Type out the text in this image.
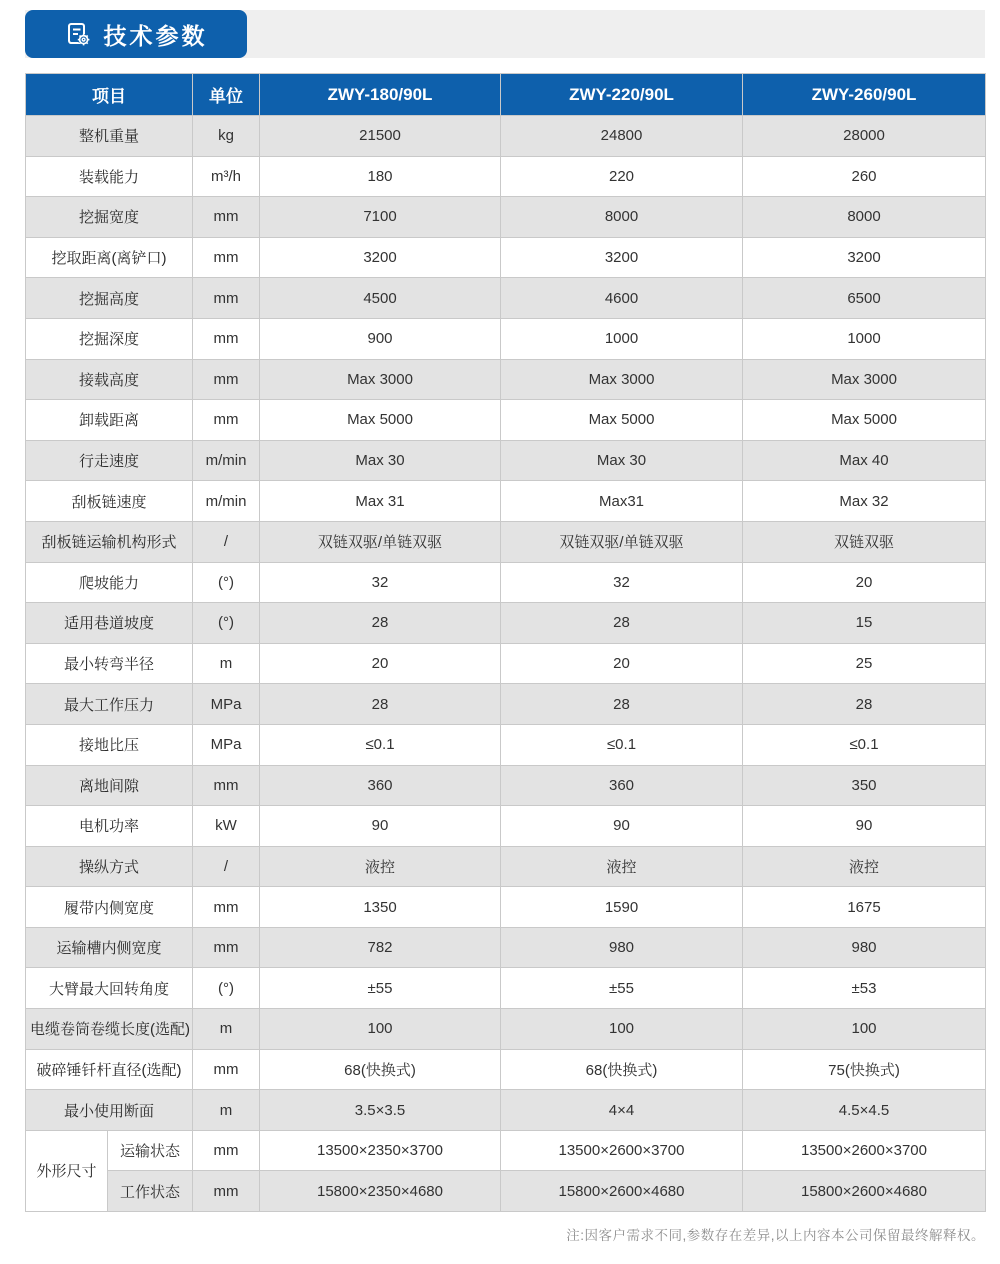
技术参数
项目		单位	ZWY-180/90L	ZWY-220/90L	ZWY-260/90L
整机重量		kg	21500	24800	28000
装载能力		m³/h	180	220	260
挖掘宽度		mm	7100	8000	8000
挖取距离(离铲口)		mm	3200	3200	3200
挖掘高度		mm	4500	4600	6500
挖掘深度		mm	900	1000	1000
接载高度		mm	Max 3000	Max 3000	Max 3000
卸载距离		mm	Max 5000	Max 5000	Max 5000
行走速度		m/min	Max 30	Max 30	Max 40
刮板链速度		m/min	Max 31	Max31	Max 32
刮板链运输机构形式		/	双链双驱/单链双驱	双链双驱/单链双驱	双链双驱
爬坡能力		(°)	32	32	20
适用巷道坡度		(°)	28	28	15
最小转弯半径		m	20	20	25
最大工作压力		MPa	28	28	28
接地比压		MPa	≤0.1	≤0.1	≤0.1
离地间隙		mm	360	360	350
电机功率		kW	90	90	90
操纵方式		/	液控	液控	液控
履带内侧宽度		mm	1350	1590	1675
运输槽内侧宽度		mm	782	980	980
大臂最大回转角度		(°)	±55	±55	±53
电缆卷筒卷缆长度(选配)		m	100	100	100
破碎锤钎杆直径(选配)		mm	68(快换式)	68(快换式)	75(快换式)
最小使用断面		m	3.5×3.5	4×4	4.5×4.5
外形尺寸	运输状态	mm	13500×2350×3700	13500×2600×3700	13500×2600×3700
	工作状态	mm	15800×2350×4680	15800×2600×4680	15800×2600×4680
注:因客户需求不同,参数存在差异,以上内容本公司保留最终解释权。
